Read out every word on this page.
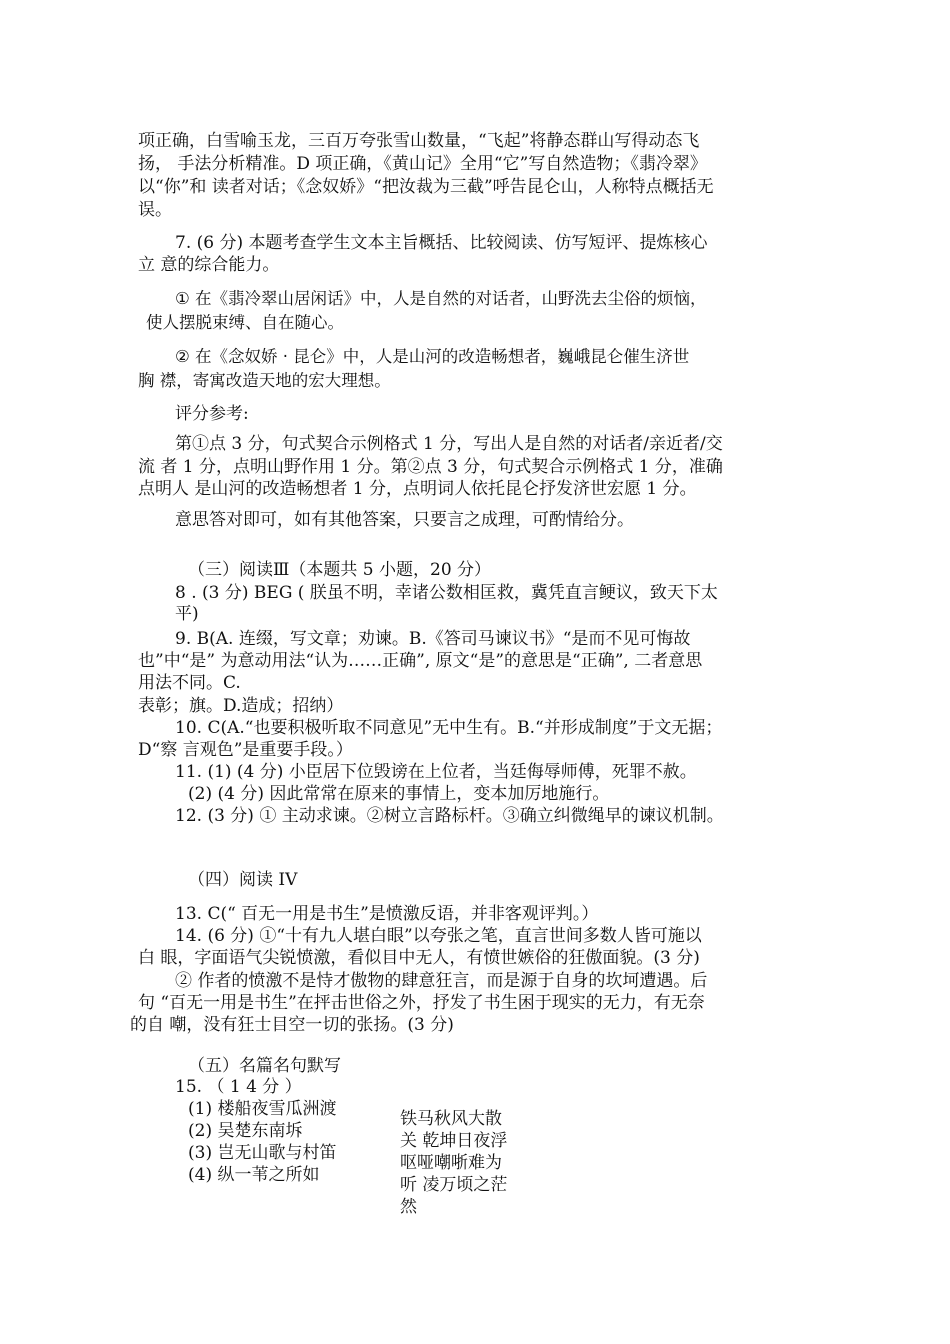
项正确，白雪喻玉龙，三百万夸张雪山数量，“飞起”将静态群山写得动态飞
扬， 手法分析精准。D 项正确，《黄山记》全用“它”写自然造物；《翡冷翠》
以“你”和 读者对话；《念奴娇》“把汝裁为三截”呼告昆仑山，人称特点概括无
误。
7. (6 分) 本题考查学生文本主旨概括、比较阅读、仿写短评、提炼核心
立 意的综合能力。
① 在《翡冷翠山居闲话》中，人是自然的对话者，山野洗去尘俗的烦恼，
使人摆脱束缚、自在随心。
② 在《念奴娇 · 昆仑》中，人是山河的改造畅想者，巍峨昆仑催生济世
胸 襟，寄寓改造天地的宏大理想。
评分参考:
第①点 3 分，句式契合示例格式 1 分，写出人是自然的对话者/亲近者/交
流 者 1 分，点明山野作用 1 分。第②点 3 分，句式契合示例格式 1 分，准确
点明人 是山河的改造畅想者 1 分，点明词人依托昆仑抒发济世宏愿 1 分。
意思答对即可，如有其他答案，只要言之成理，可酌情给分。
（三）阅读Ⅲ（本题共 5 小题，20 分）
8 . (3 分) BEG ( 朕虽不明，幸诸公数相匡救，冀凭直言鲠议，致天下太
平)
9. B(A. 连缀，写文章；劝谏。B.《答司马谏议书》“是而不见可悔故
也”中“是” 为意动用法“认为……正确”, 原文“是”的意思是“正确”, 二者意思
用法不同。C.
表彰；旗。D.造成；招纳）
10. C(A.“也要积极听取不同意见”无中生有。B.“并形成制度”于文无据；
D“察 言观色”是重要手段。）
11. (1) (4 分) 小臣居下位毁谤在上位者，当廷侮辱师傅，死罪不赦。
(2) (4 分) 因此常常在原来的事情上，变本加厉地施行。
12. (3 分) ① 主动求谏。②树立言路标杆。③确立纠微绳早的谏议机制。
（四）阅读 IV
13. C(“ 百无一用是书生”是愤激反语，并非客观评判。）
14. (6 分) ①“十有九人堪白眼”以夸张之笔，直言世间多数人皆可施以
白 眼，字面语气尖锐愤激，看似目中无人，有愤世嫉俗的狂傲面貌。(3 分)
② 作者的愤激不是恃才傲物的肆意狂言，而是源于自身的坎坷遭遇。后
句 “百无一用是书生”在抨击世俗之外，抒发了书生困于现实的无力，有无奈
的自 嘲，没有狂士目空一切的张扬。(3 分)
（五）名篇名句默写
15. （ 1 4 分 ）
(1) 楼船夜雪瓜洲渡
(2) 吴楚东南坼
(3) 岂无山歌与村笛
(4) 纵一苇之所如
铁马秋风大散
关 乾坤日夜浮
呕哑嘲哳难为
听 凌万顷之茫
然
